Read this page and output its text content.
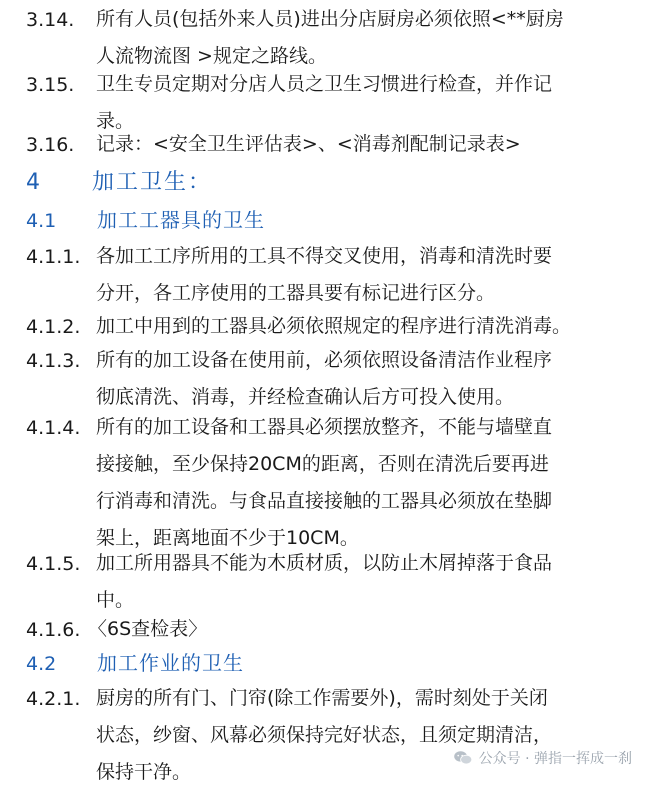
3.14. 所有人员(包括外来人员)进出分店厨房必须依照<**厨房
人流物流图 >规定之路线。
3.15. 卫生专员定期对分店人员之卫生习惯进行检查，并作记
录。
3.16. 记录：<安全卫生评估表>、<消毒剂配制记录表>
4 加工卫生：
4.1 加工工器具的卫生
4.1.1. 各加工工序所用的工具不得交叉使用，消毒和清洗时要
分开，各工序使用的工器具要有标记进行区分。
4.1.2. 加工中用到的工器具必须依照规定的程序进行清洗消毒。
4.1.3. 所有的加工设备在使用前，必须依照设备清洁作业程序
彻底清洗、消毒，并经检查确认后方可投入使用。
4.1.4. 所有的加工设备和工器具必须摆放整齐，不能与墙壁直
接接触，至少保持20CM的距离，否则在清洗后要再进
行消毒和清洗。与食品直接接触的工器具必须放在垫脚
架上，距离地面不少于10CM。
4.1.5. 加工所用器具不能为木质材质，以防止木屑掉落于食品
中。
4.1.6. 〈6S查检表〉
4.2 加工作业的卫生
4.2.1. 厨房的所有门、门帘(除工作需要外)，需时刻处于关闭
状态，纱窗、风幕必须保持完好状态，且须定期清洁，
保持干净。
公众号 · 弹指一挥成一刹
